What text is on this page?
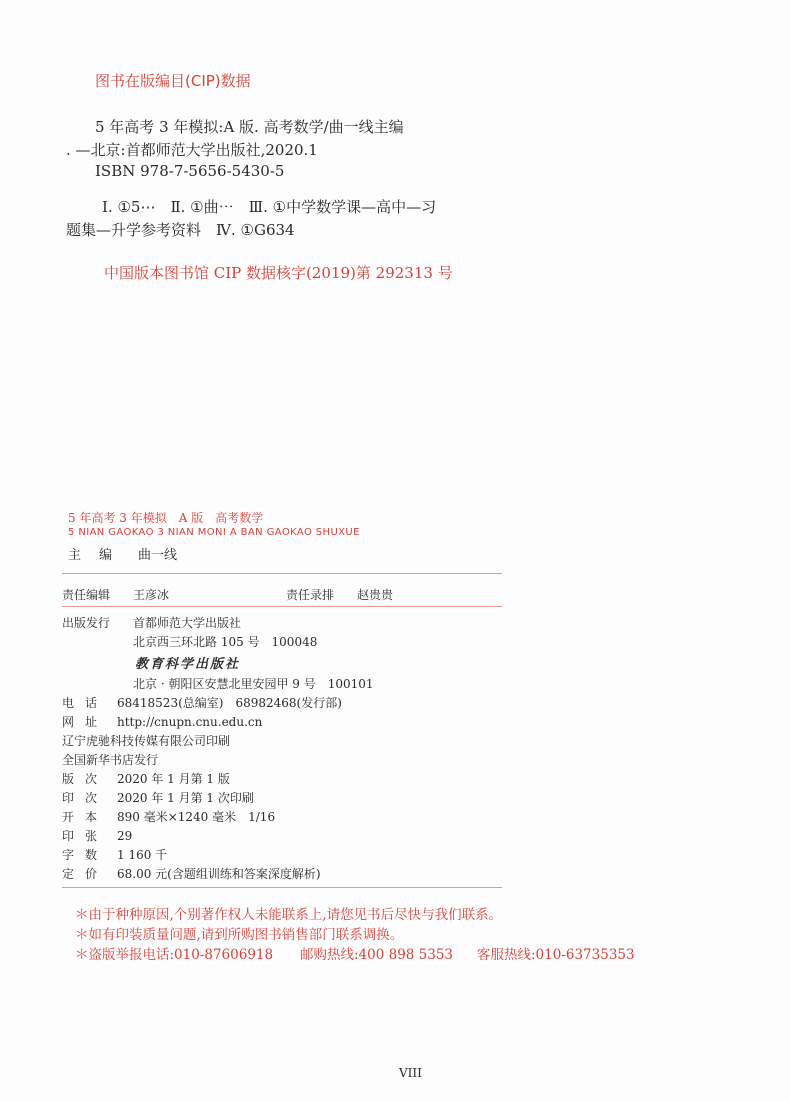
图书在版编目(CIP)数据
5 年高考 3 年模拟:A 版. 高考数学/曲一线主编
. —北京:首都师范大学出版社,2020.1
ISBN 978-7-5656-5430-5
Ⅰ. ①5⋯　Ⅱ. ①曲⋯　Ⅲ. ①中学数学课—高中—习
题集—升学参考资料　Ⅳ. ①G634
中国版本图书馆 CIP 数据核字(2019)第 292313 号
5 年高考 3 年模拟　A 版　高考数学
5 NIAN GAOKAO 3 NIAN MONI A BAN GAOKAO SHUXUE
主编 曲一线
责任编辑 王彦冰	责任录排 赵贵贵
出版发行 首都师范大学出版社
北京西三环北路 105 号　100048
教育科学出版社
北京 · 朝阳区安慧北里安园甲 9 号　100101
电话 68418523(总编室)　68982468(发行部)
网址 http://cnupn.cnu.edu.cn
辽宁虎驰科技传媒有限公司印刷
全国新华书店发行
版次 2020 年 1 月第 1 版
印次 2020 年 1 月第 1 次印刷
开本 890 毫米×1240 毫米　1/16
印张 29
字数 1 160 千
定价 68.00 元(含题组训练和答案深度解析)
＊由于种种原因,个别著作权人未能联系上,请您见书后尽快与我们联系。
＊如有印装质量问题,请到所购图书销售部门联系调换。
＊盗版举报电话:010-87606918 邮购热线:400 898 5353 客服热线:010-63735353
VIII
